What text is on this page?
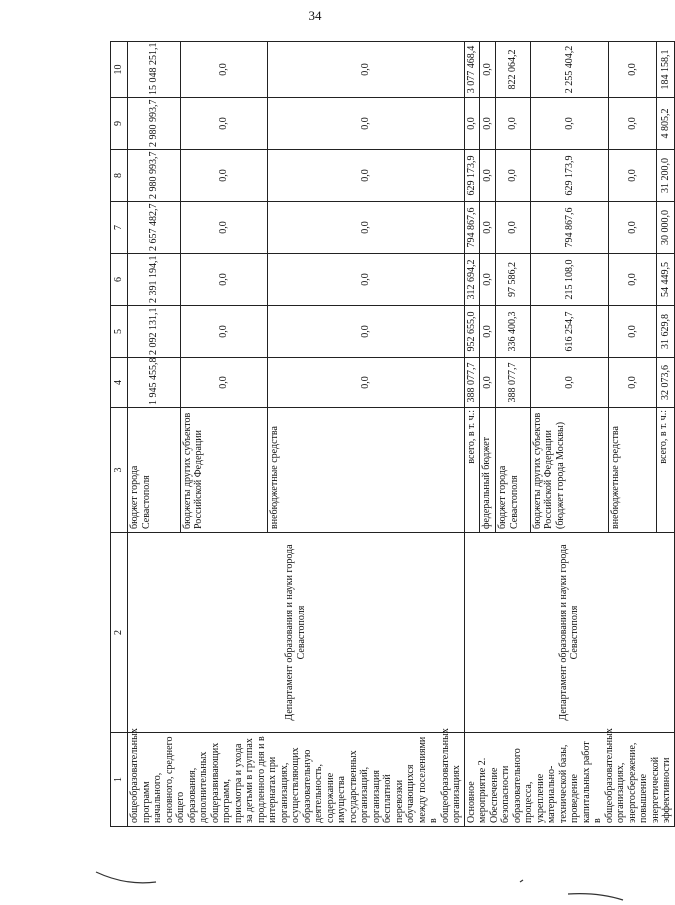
34
1	2	3	4	5	6	7	8	9	10
общеобразовательных программ начального, основного, среднего общего образования, дополнительных общеразвивающих программ, присмотра и ухода за детьми в группах продленного дня и в интернатах при организациях, осуществляющих образовательную деятельность, содержание имущества государственных организаций, организация бесплатной перевозки обучающихся между поселениями в общеобразовательных организациях	Департамент образования и науки города Севастополя	бюджет города Севастополя	1 945 455,8	2 092 131,1	2 391 194,1	2 657 482,7	2 980 993,7	2 980 993,7	15 048 251,1
		бюджеты других субъектов Российской Федерации	0,0	0,0	0,0	0,0	0,0	0,0	0,0
		внебюджетные средства	0,0	0,0	0,0	0,0	0,0	0,0	0,0
Основное мероприятие 2. Обеспечение безопасности образовательного процесса, укрепление материально-технической базы, проведение капитальных работ в общеобразовательных организациях, энергосбережение, повышение энергетической эффективности	Департамент образования и науки города Севастополя	всего, в т. ч.:	388 077,7	952 655,0	312 694,2	794 867,6	629 173,9	0,0	3 077 468,4
		федеральный бюджет	0,0	0,0	0,0	0,0	0,0	0,0	0,0
		бюджет города Севастополя	388 077,7	336 400,3	97 586,2	0,0	0,0	0,0	822 064,2
		бюджеты других субъектов Российской Федерации (бюджет города Москвы)	0,0	616 254,7	215 108,0	794 867,6	629 173,9	0,0	2 255 404,2
		внебюджетные средства	0,0	0,0	0,0	0,0	0,0	0,0	0,0
		всего, в т. ч.:	32 073,6	31 629,8	54 449,5	30 000,0	31 200,0	4 805,2	184 158,1
